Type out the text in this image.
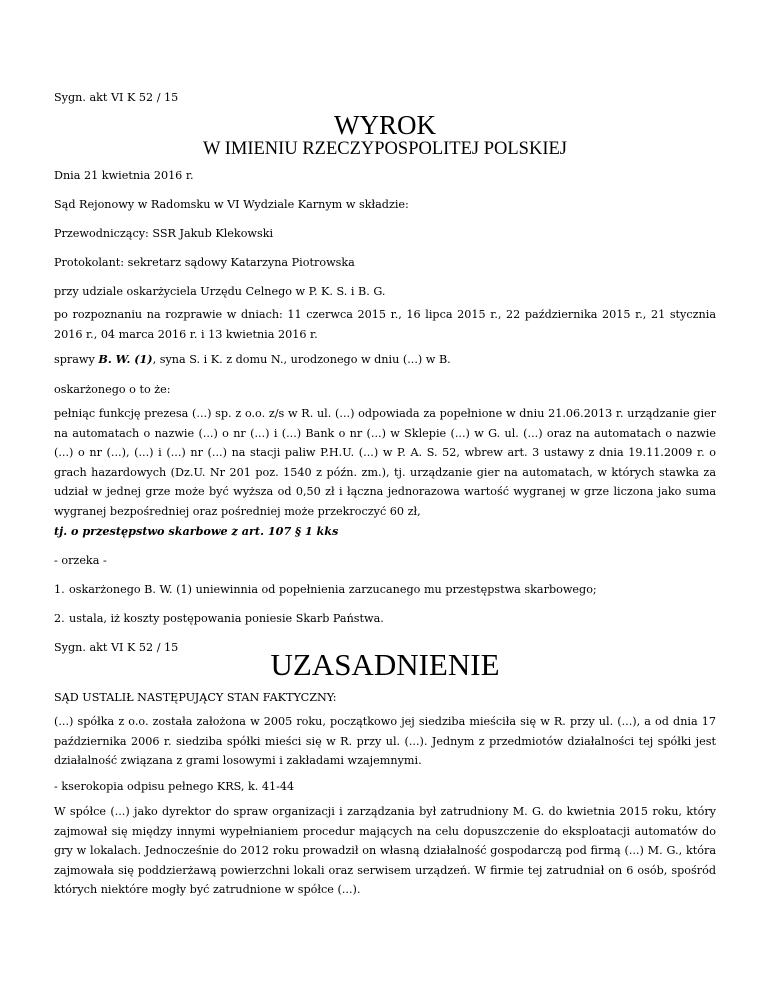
Sygn. akt VI K 52 / 15

WYROK
W IMIENIU RZECZYPOSPOLITEJ POLSKIEJ

Dnia 21 kwietnia 2016 r.

Sąd Rejonowy w Radomsku w VI Wydziale Karnym w składzie:

Przewodniczący: SSR Jakub Klekowski

Protokolant: sekretarz sądowy Katarzyna Piotrowska

przy udziale oskarżyciela Urzędu Celnego w P. K. S. i B. G.

po rozpoznaniu na rozprawie w dniach: 11 czerwca 2015 r., 16 lipca 2015 r., 22 października 2015 r., 21 stycznia 2016 r., 04 marca 2016 r. i 13 kwietnia 2016 r.

sprawy B. W. (1), syna S. i K. z domu N., urodzonego w dniu (...) w B.

oskarżonego o to że:

pełniąc funkcję prezesa (...) sp. z o.o. z/s w R. ul. (...) odpowiada za popełnione w dniu 21.06.2013 r. urządzanie gier na automatach o nazwie (...) o nr (...) i (...) Bank o nr (...) w Sklepie (...) w G. ul. (...) oraz na automatach o nazwie (...) o nr (...), (...) i (...) nr (...) na stacji paliw P.H.U. (...) w P. A. S. 52, wbrew art. 3 ustawy z dnia 19.11.2009 r. o grach hazardowych (Dz.U. Nr 201 poz. 1540 z późn. zm.), tj. urządzanie gier na automatach, w których stawka za udział w jednej grze może być wyższa od 0,50 zł i łączna jednorazowa wartość wygranej w grze liczona jako suma wygranej bezpośredniej oraz pośredniej może przekroczyć 60 zł,

tj. o przestępstwo skarbowe z art. 107 § 1 kks

- orzeka -

1. oskarżonego B. W. (1) uniewinnia od popełnienia zarzucanego mu przestępstwa skarbowego;

2. ustala, iż koszty postępowania poniesie Skarb Państwa.

Sygn. akt VI K 52 / 15	UZASADNIENIE

SĄD USTALIŁ NASTĘPUJĄCY STAN FAKTYCZNY:

(...) spółka z o.o. została założona w 2005 roku, początkowo jej siedziba mieściła się w R. przy ul. (...), a od dnia 17 października 2006 r. siedziba spółki mieści się w R. przy ul. (...). Jednym z przedmiotów działalności tej spółki jest działalność związana z grami losowymi i zakładami wzajemnymi.

- kserokopia odpisu pełnego KRS, k. 41-44

W spółce (...) jako dyrektor do spraw organizacji i zarządzania był zatrudniony M. G. do kwietnia 2015 roku, który zajmował się między innymi wypełnianiem procedur mających na celu dopuszczenie do eksploatacji automatów do gry w lokalach. Jednocześnie do 2012 roku prowadził on własną działalność gospodarczą pod firmą (...) M. G., która zajmowała się poddzierżawą powierzchni lokali oraz serwisem urządzeń. W firmie tej zatrudniał on 6 osób, spośród których niektóre mogły być zatrudnione w spółce (...).
